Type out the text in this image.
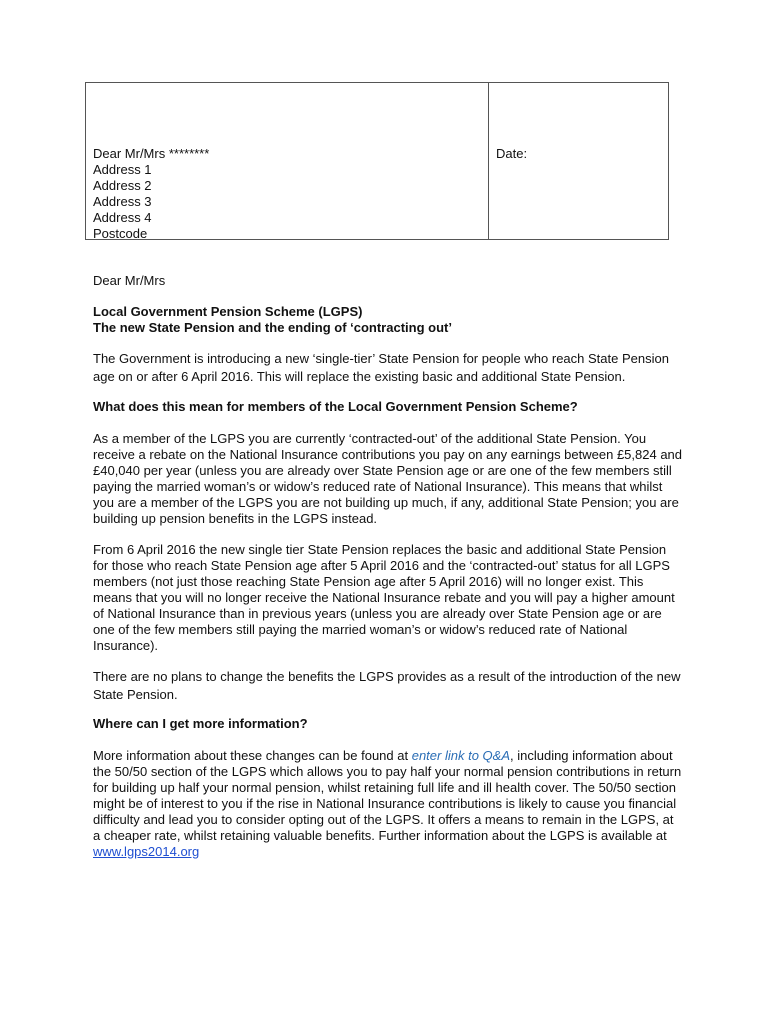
Dear Mr/Mrs ********
Address 1
Address 2
Address 3
Address 4
Postcode
Date:

Dear Mr/Mrs

Local Government Pension Scheme (LGPS)

The new State Pension and the ending of ‘contracting out’

The Government is introducing a new ‘single-tier’ State Pension for people who reach State Pension age on or after 6 April 2016. This will replace the existing basic and additional State Pension.

What does this mean for members of the Local Government Pension Scheme?

As a member of the LGPS you are currently ‘contracted-out’ of the additional State Pension. You receive a rebate on the National Insurance contributions you pay on any earnings between £5,824 and £40,040 per year (unless you are already over State Pension age or are one of the few members still paying the married woman’s or widow’s reduced rate of National Insurance). This means that whilst you are a member of the LGPS you are not building up much, if any, additional State Pension; you are building up pension benefits in the LGPS instead.

From 6 April 2016 the new single tier State Pension replaces the basic and additional State Pension for those who reach State Pension age after 5 April 2016 and the ‘contracted-out’ status for all LGPS members (not just those reaching State Pension age after 5 April 2016) will no longer exist. This means that you will no longer receive the National Insurance rebate and you will pay a higher amount of National Insurance than in previous years (unless you are already over State Pension age or are one of the few members still paying the married woman’s or widow’s reduced rate of National Insurance).

There are no plans to change the benefits the LGPS provides as a result of the introduction of the new State Pension.

Where can I get more information?

More information about these changes can be found at enter link to Q&A, including information about the 50/50 section of the LGPS which allows you to pay half your normal pension contributions in return for building up half your normal pension, whilst retaining full life and ill health cover. The 50/50 section might be of interest to you if the rise in National Insurance contributions is likely to cause you financial difficulty and lead you to consider opting out of the LGPS. It offers a means to remain in the LGPS, at a cheaper rate, whilst retaining valuable benefits. Further information about the LGPS is available at www.lgps2014.org
